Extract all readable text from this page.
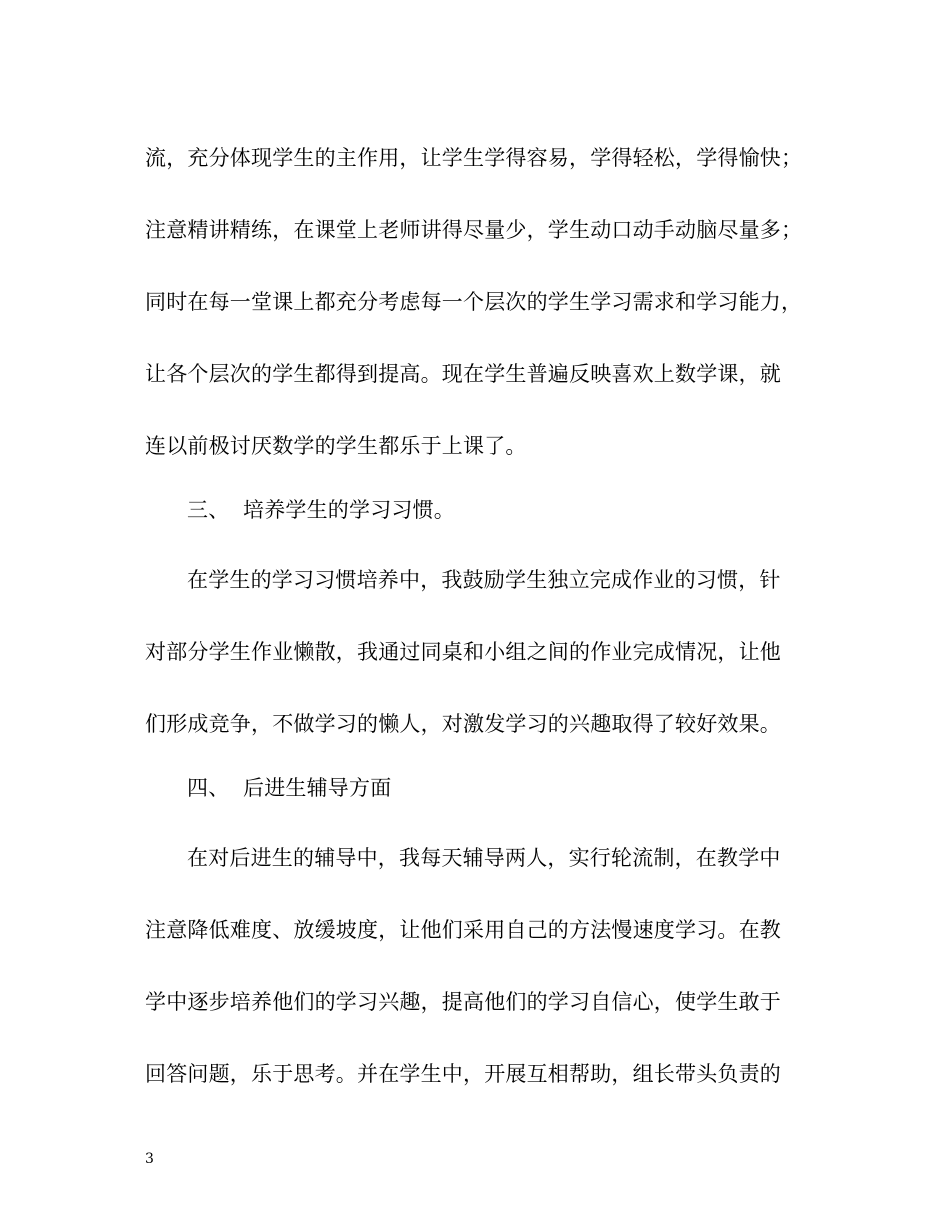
流，充分体现学生的主作用，让学生学得容易，学得轻松，学得愉快；
注意精讲精练，在课堂上老师讲得尽量少，学生动口动手动脑尽量多；
同时在每一堂课上都充分考虑每一个层次的学生学习需求和学习能力，
让各个层次的学生都得到提高。现在学生普遍反映喜欢上数学课，就
连以前极讨厌数学的学生都乐于上课了。
三、 培养学生的学习习惯。
在学生的学习习惯培养中，我鼓励学生独立完成作业的习惯，针
对部分学生作业懒散，我通过同桌和小组之间的作业完成情况，让他
们形成竞争，不做学习的懒人，对激发学习的兴趣取得了较好效果。
四、 后进生辅导方面
在对后进生的辅导中，我每天辅导两人，实行轮流制，在教学中
注意降低难度、放缓坡度，让他们采用自己的方法慢速度学习。在教
学中逐步培养他们的学习兴趣，提高他们的学习自信心，使学生敢于
回答问题，乐于思考。并在学生中，开展互相帮助，组长带头负责的
3
